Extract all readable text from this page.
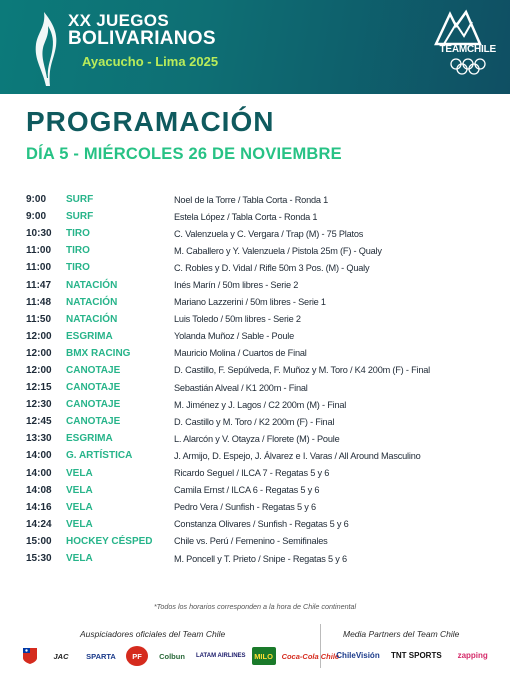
XX JUEGOS
BOLIVARIANOS
Ayacucho - Lima 2025
TEAMCHILE
PROGRAMACIÓN
DÍA 5 - MIÉRCOLES 26 DE NOVIEMBRE
9:00	SURF	Noel de la Torre / Tabla Corta - Ronda 1
9:00	SURF	Estela López / Tabla Corta - Ronda 1
10:30	TIRO	C. Valenzuela y C. Vergara / Trap (M) - 75 Platos
11:00	TIRO	M. Caballero y Y. Valenzuela / Pistola 25m (F) - Qualy
11:00	TIRO	C. Robles y D. Vidal / Rifle 50m 3 Pos. (M) - Qualy
11:47	NATACIÓN	Inés Marín / 50m libres - Serie 2
11:48	NATACIÓN	Mariano Lazzerini / 50m libres - Serie 1
11:50	NATACIÓN	Luis Toledo / 50m libres - Serie 2
12:00	ESGRIMA	Yolanda Muñoz / Sable - Poule
12:00	BMX RACING	Mauricio Molina / Cuartos de Final
12:00	CANOTAJE	D. Castillo, F. Sepúlveda, F. Muñoz y M. Toro / K4 200m (F) - Final
12:15	CANOTAJE	Sebastián Alveal / K1 200m - Final
12:30	CANOTAJE	M. Jiménez y J. Lagos / C2 200m (M) - Final
12:45	CANOTAJE	D. Castillo y M. Toro / K2 200m (F) - Final
13:30	ESGRIMA	L. Alarcón y V. Otayza / Florete (M) - Poule
14:00	G. ARTÍSTICA	J. Armijo, D. Espejo, J. Álvarez e I. Varas / All Around Masculino
14:00	VELA	Ricardo Seguel / ILCA 7 - Regatas 5 y 6
14:08	VELA	Camila Ernst / ILCA 6 - Regatas 5 y 6
14:16	VELA	Pedro Vera / Sunfish - Regatas 5 y 6
14:24	VELA	Constanza Olivares / Sunfish - Regatas 5 y 6
15:00	HOCKEY CÉSPED	Chile vs. Perú / Femenino - Semifinales
15:30	VELA	M. Poncell y T. Prieto / Snipe - Regatas 5 y 6
*Todos los horarios corresponden a la hora de Chile continental
Auspiciadores oficiales del Team Chile	Media Partners del Team Chile
JAC	SPARTA	PF	Colbun	LATAM AIRLINES	MILO	Coca-Cola Chile
ChileVisión	TNT SPORTS	zapping
